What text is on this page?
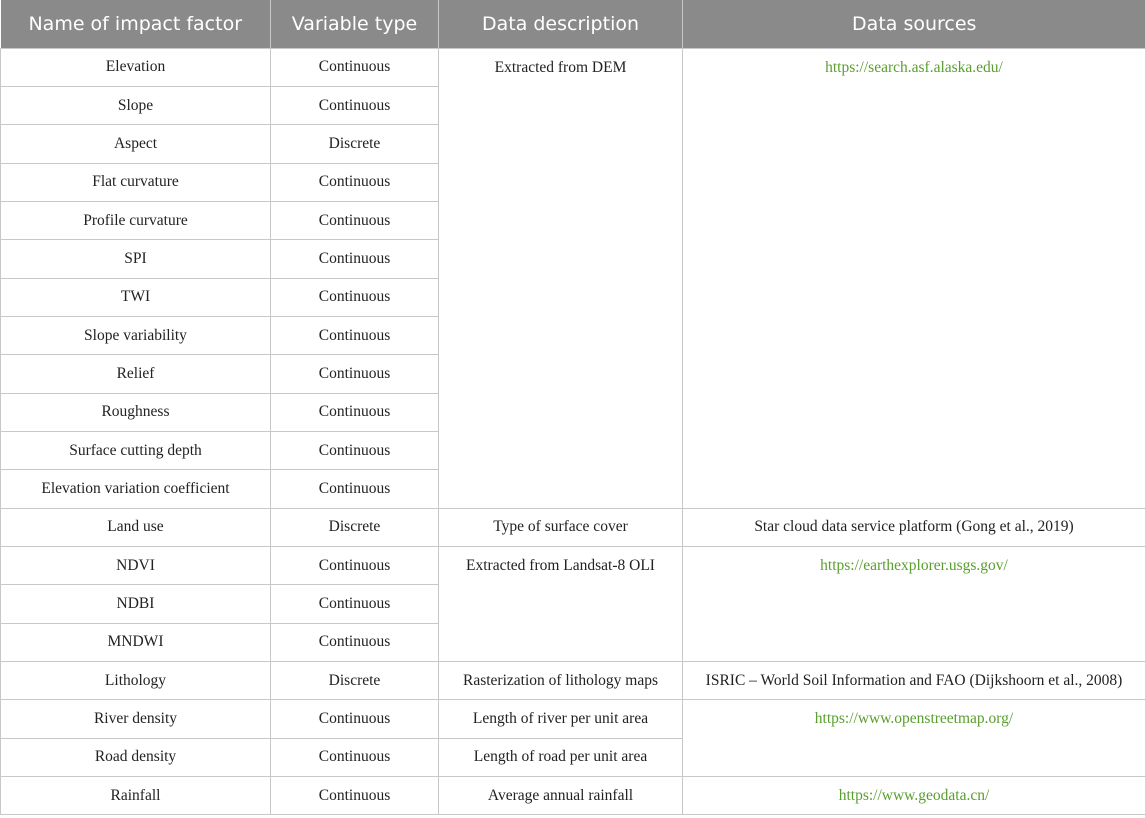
Name of impact factor	Variable type	Data description	Data sources
Elevation	Continuous	Extracted from DEM	https://search.asf.alaska.edu/
Slope	Continuous		
Aspect	Discrete		
Flat curvature	Continuous		
Profile curvature	Continuous		
SPI	Continuous		
TWI	Continuous		
Slope variability	Continuous		
Relief	Continuous		
Roughness	Continuous		
Surface cutting depth	Continuous		
Elevation variation coefficient	Continuous		
Land use	Discrete	Type of surface cover	Star cloud data service platform (Gong et al., 2019)
NDVI	Continuous	Extracted from Landsat-8 OLI	https://earthexplorer.usgs.gov/
NDBI	Continuous		
MNDWI	Continuous		
Lithology	Discrete	Rasterization of lithology maps	ISRIC – World Soil Information and FAO (Dijkshoorn et al., 2008)
River density	Continuous	Length of river per unit area	https://www.openstreetmap.org/
Road density	Continuous	Length of road per unit area	
Rainfall	Continuous	Average annual rainfall	https://www.geodata.cn/
